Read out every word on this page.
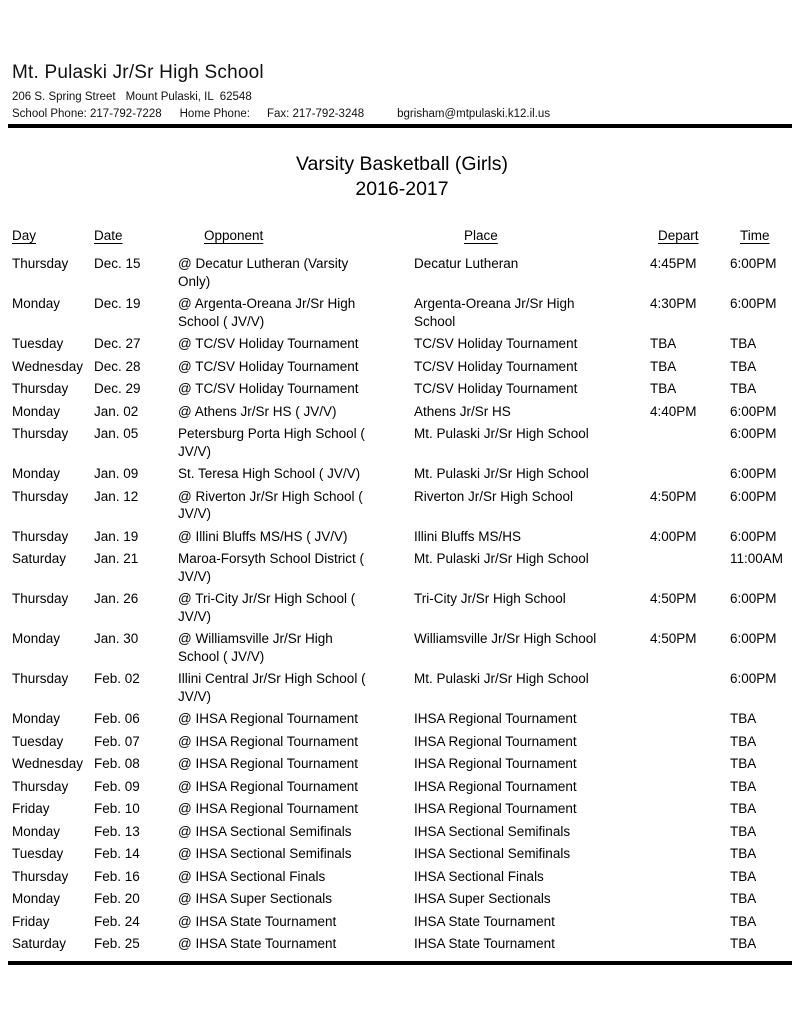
Mt. Pulaski Jr/Sr High School
206 S. Spring Street Mount Pulaski, IL  62548
School Phone: 217-792-7228 Home Phone: Fax: 217-792-3248	bgrisham@mtpulaski.k12.il.us
Varsity Basketball (Girls)
2016-2017
Day	Date	Opponent	Place	Depart	Time
Thursday	Dec. 15	@ Decatur Lutheran (Varsity Only)	Decatur Lutheran	4:45PM	6:00PM
Monday	Dec. 19	@ Argenta-Oreana Jr/Sr High School ( JV/V)	Argenta-Oreana Jr/Sr High School	4:30PM	6:00PM
Tuesday	Dec. 27	@ TC/SV Holiday Tournament	TC/SV Holiday Tournament	TBA	TBA
Wednesday	Dec. 28	@ TC/SV Holiday Tournament	TC/SV Holiday Tournament	TBA	TBA
Thursday	Dec. 29	@ TC/SV Holiday Tournament	TC/SV Holiday Tournament	TBA	TBA
Monday	Jan. 02	@ Athens Jr/Sr HS ( JV/V)	Athens Jr/Sr HS	4:40PM	6:00PM
Thursday	Jan. 05	Petersburg Porta High School ( JV/V)	Mt. Pulaski Jr/Sr High School		6:00PM
Monday	Jan. 09	St. Teresa High School ( JV/V)	Mt. Pulaski Jr/Sr High School		6:00PM
Thursday	Jan. 12	@ Riverton Jr/Sr High School ( JV/V)	Riverton Jr/Sr High School	4:50PM	6:00PM
Thursday	Jan. 19	@ Illini Bluffs MS/HS ( JV/V)	Illini Bluffs MS/HS	4:00PM	6:00PM
Saturday	Jan. 21	Maroa-Forsyth School District ( JV/V)	Mt. Pulaski Jr/Sr High School		11:00AM
Thursday	Jan. 26	@ Tri-City Jr/Sr High School ( JV/V)	Tri-City Jr/Sr High School	4:50PM	6:00PM
Monday	Jan. 30	@ Williamsville Jr/Sr High School ( JV/V)	Williamsville Jr/Sr High School	4:50PM	6:00PM
Thursday	Feb. 02	Illini Central Jr/Sr High School ( JV/V)	Mt. Pulaski Jr/Sr High School		6:00PM
Monday	Feb. 06	@ IHSA Regional Tournament	IHSA Regional Tournament		TBA
Tuesday	Feb. 07	@ IHSA Regional Tournament	IHSA Regional Tournament		TBA
Wednesday	Feb. 08	@ IHSA Regional Tournament	IHSA Regional Tournament		TBA
Thursday	Feb. 09	@ IHSA Regional Tournament	IHSA Regional Tournament		TBA
Friday	Feb. 10	@ IHSA Regional Tournament	IHSA Regional Tournament		TBA
Monday	Feb. 13	@ IHSA Sectional Semifinals	IHSA Sectional Semifinals		TBA
Tuesday	Feb. 14	@ IHSA Sectional Semifinals	IHSA Sectional Semifinals		TBA
Thursday	Feb. 16	@ IHSA Sectional Finals	IHSA Sectional Finals		TBA
Monday	Feb. 20	@ IHSA Super Sectionals	IHSA Super Sectionals		TBA
Friday	Feb. 24	@ IHSA State Tournament	IHSA State Tournament		TBA
Saturday	Feb. 25	@ IHSA State Tournament	IHSA State Tournament		TBA
